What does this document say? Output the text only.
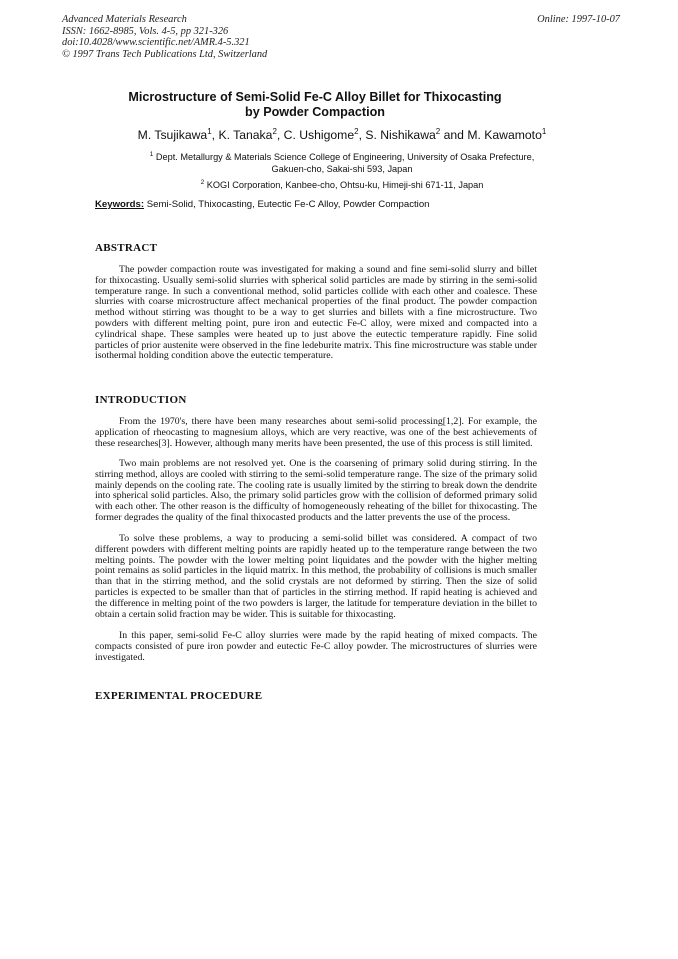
Advanced Materials Research
ISSN: 1662-8985, Vols. 4-5, pp 321-326
doi:10.4028/www.scientific.net/AMR.4-5.321
© 1997 Trans Tech Publications Ltd, Switzerland
Online: 1997-10-07
Microstructure of Semi-Solid Fe-C Alloy Billet for Thixocasting
by Powder Compaction
M. Tsujikawa$^1$, K. Tanaka$^2$, C. Ushigome$^2$, S. Nishikawa$^2$ and M. Kawamoto$^1$
$^1$ Dept. Metallurgy & Materials Science College of Engineering, University of Osaka Prefecture,
Gakuen-cho, Sakai-shi 593, Japan
$^2$ KOGI Corporation, Kanbee-cho, Ohtsu-ku, Himeji-shi 671-11, Japan
Keywords: Semi-Solid, Thixocasting, Eutectic Fe-C Alloy, Powder Compaction
ABSTRACT
The powder compaction route was investigated for making a sound and fine semi-solid slurry and billet for thixocasting. Usually semi-solid slurries with spherical solid particles are made by stirring in the semi-solid temperature range. In such a conventional method, solid particles collide with each other and coalesce. These slurries with coarse microstructure affect mechanical properties of the final product. The powder compaction method without stirring was thought to be a way to get slurries and billets with a fine microstructure. Two powders with different melting point, pure iron and eutectic Fe-C alloy, were mixed and compacted into a cylindrical shape. These samples were heated up to just above the eutectic temperature rapidly. Fine solid particles of prior austenite were observed in the fine ledeburite matrix. This fine microstructure was stable under isothermal holding condition above the eutectic temperature.
INTRODUCTION
From the 1970's, there have been many researches about semi-solid processing[1,2]. For example, the application of rheocasting to magnesium alloys, which are very reactive, was one of the best achievements of these researches[3]. However, although many merits have been presented, the use of this process is still limited.
Two main problems are not resolved yet. One is the coarsening of primary solid during stirring. In the stirring method, alloys are cooled with stirring to the semi-solid temperature range. The size of the primary solid mainly depends on the cooling rate. The cooling rate is usually limited by the stirring to break down the dendrite into spherical solid particles. Also, the primary solid particles grow with the collision of deformed primary solid with each other. The other reason is the difficulty of homogeneously reheating of the billet for thixocasting. The former degrades the quality of the final thixocasted products and the latter prevents the use of the process.
To solve these problems, a way to producing a semi-solid billet was considered. A compact of two different powders with different melting points are rapidly heated up to the temperature range between the two melting points. The powder with the lower melting point liquidates and the powder with the higher melting point remains as solid particles in the liquid matrix. In this method, the probability of collisions is much smaller than that in the stirring method, and the solid crystals are not deformed by stirring. Then the size of solid particles is expected to be smaller than that of particles in the stirring method. If rapid heating is achieved and the difference in melting point of the two powders is larger, the latitude for temperature deviation in the billet to obtain a certain solid fraction may be wider. This is suitable for thixocasting.
In this paper, semi-solid Fe-C alloy slurries were made by the rapid heating of mixed compacts. The compacts consisted of pure iron powder and eutectic Fe-C alloy powder. The microstructures of slurries were investigated.
EXPERIMENTAL PROCEDURE
